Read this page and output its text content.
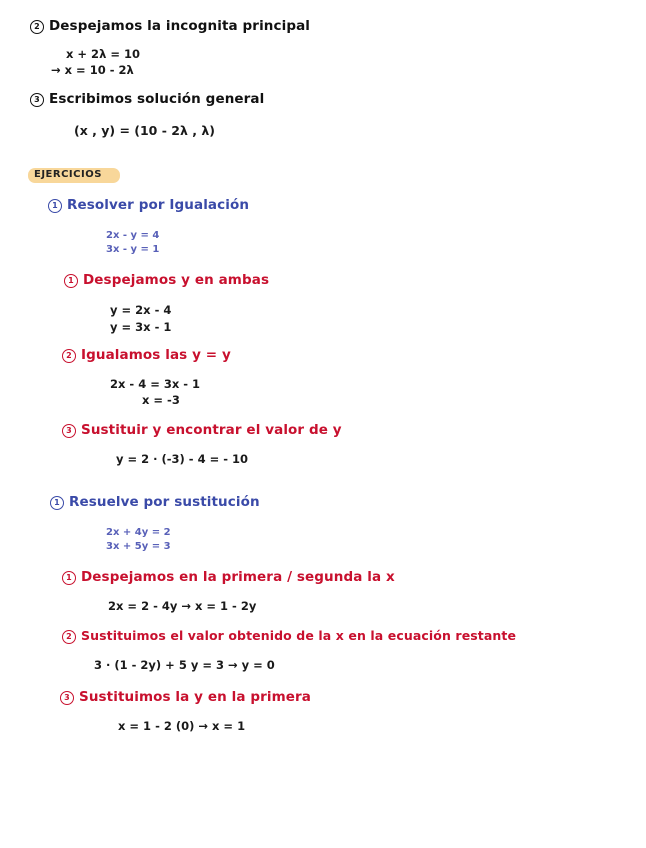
2 Despejamos la incognita principal
x + 2λ = 10
→ x = 10 - 2λ
3 Escribimos solución general
(x , y) = (10 - 2λ , λ)
EJERCICIOS
1 Resolver por Igualación
2x - y = 4
3x - y = 1
1 Despejamos y en ambas
y = 2x - 4
y = 3x - 1
2 Igualamos las y = y
2x - 4 = 3x - 1
x = -3
3 Sustituir y encontrar el valor de y
y = 2 · (-3) - 4 = - 10
1 Resuelve por sustitución
2x + 4y = 2
3x + 5y = 3
1 Despejamos en la primera / segunda la x
2x = 2 - 4y → x = 1 - 2y
2 Sustituimos el valor obtenido de la x en la ecuación restante
3 · (1 - 2y) + 5 y = 3 → y = 0
3 Sustituimos la y en la primera
x = 1 - 2 (0) → x = 1
